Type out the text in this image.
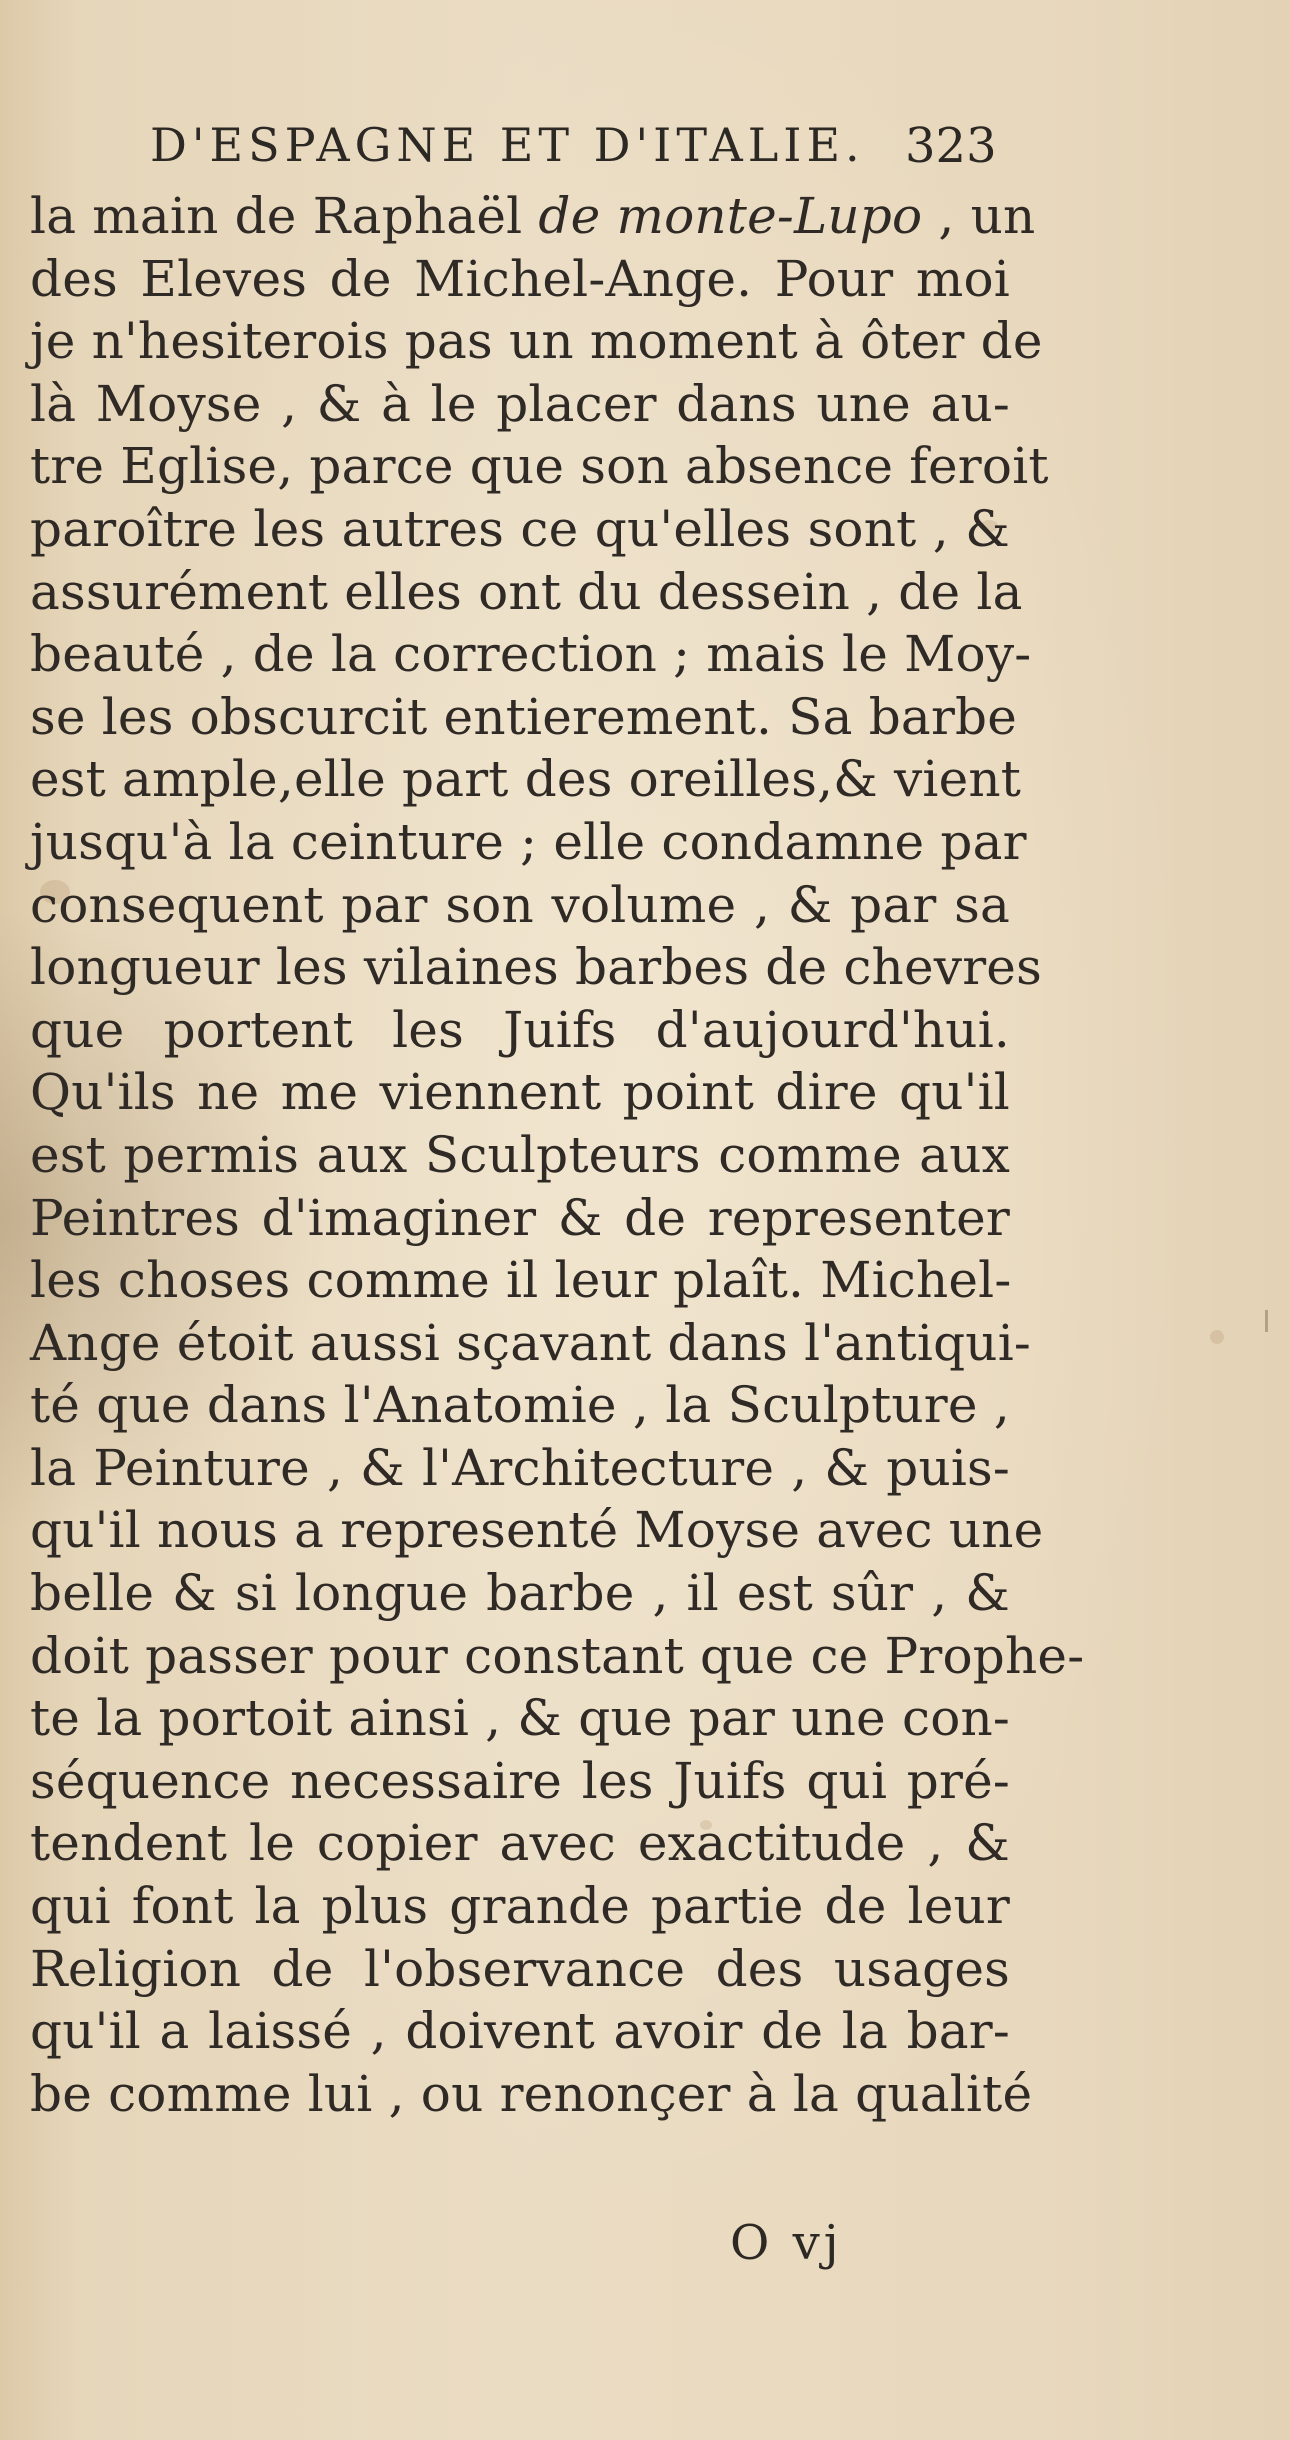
D'ESPAGNE ET D'ITALIE. 323
la main de Raphaël de monte-Lupo , un
des Eleves de Michel-Ange. Pour moi
je n'hesiterois pas un moment à ôter de
là Moyse , & à le placer dans une au-
tre Eglise, parce que son absence feroit
paroître les autres ce qu'elles sont , &
assurément elles ont du dessein , de la
beauté , de la correction ; mais le Moy-
se les obscurcit entierement. Sa barbe
est ample,elle part des oreilles,& vient
jusqu'à la ceinture ; elle condamne par
consequent par son volume , & par sa
longueur les vilaines barbes de chevres
que portent les Juifs d'aujourd'hui.
Qu'ils ne me viennent point dire qu'il
est permis aux Sculpteurs comme aux
Peintres d'imaginer & de representer
les choses comme il leur plaît. Michel-
Ange étoit aussi sçavant dans l'antiqui-
té que dans l'Anatomie , la Sculpture ,
la Peinture , & l'Architecture , & puis-
qu'il nous a representé Moyse avec une
belle & si longue barbe , il est sûr , &
doit passer pour constant que ce Prophe-
te la portoit ainsi , & que par une con-
séquence necessaire les Juifs qui pré-
tendent le copier avec exactitude , &
qui font la plus grande partie de leur
Religion de l'observance des usages
qu'il a laissé , doivent avoir de la bar-
be comme lui , ou renonçer à la qualité
O vj
